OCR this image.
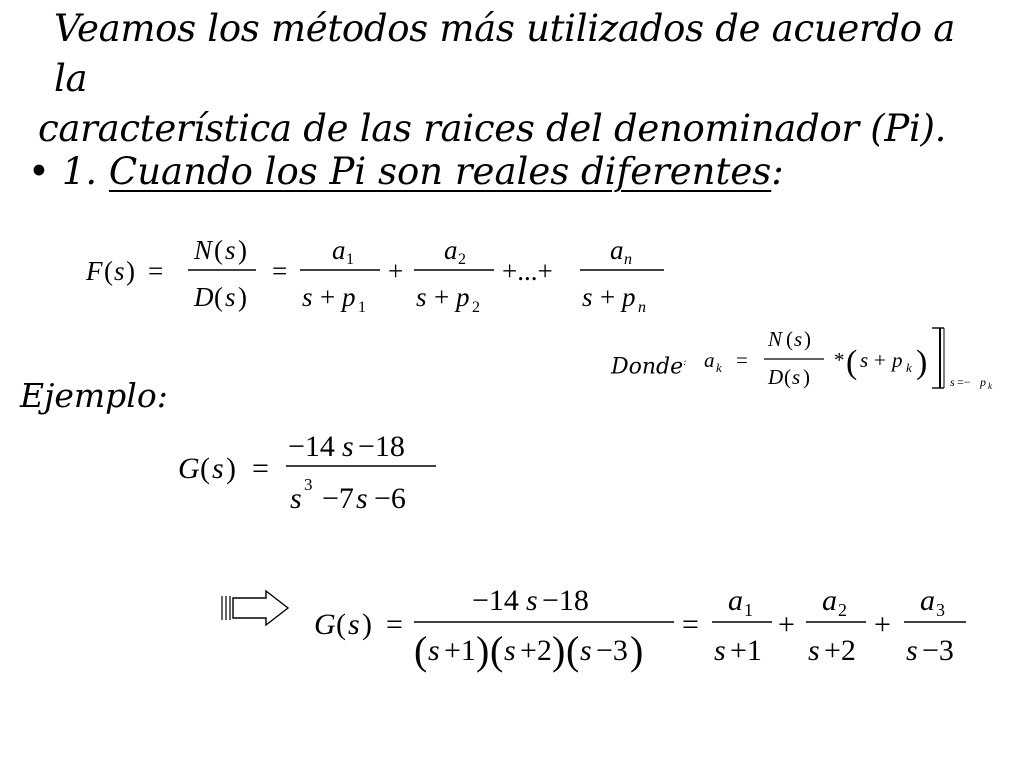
Veamos los métodos más utilizados de acuerdo a la
característica de las raices del denominador (Pi).
• 1. Cuando los Pi son reales diferentes:
F ( s ) =
N ( s )
D ( s )
=
a 1
s + p 1
+
a 2
s + p 2
+...+
a n
s + p n
Donde: a k =
N ( s )
D ( s )
* ( s + p k )
s =− p k
Ejemplo:
G ( s ) =
−14 s −18
s 3 −7 s −6
G ( s ) =
−14 s −18
( s +1 ) ( s +2 ) ( s −3 )
=
a 1
s +1
+
a 2
s +2
+
a 3
s −3
